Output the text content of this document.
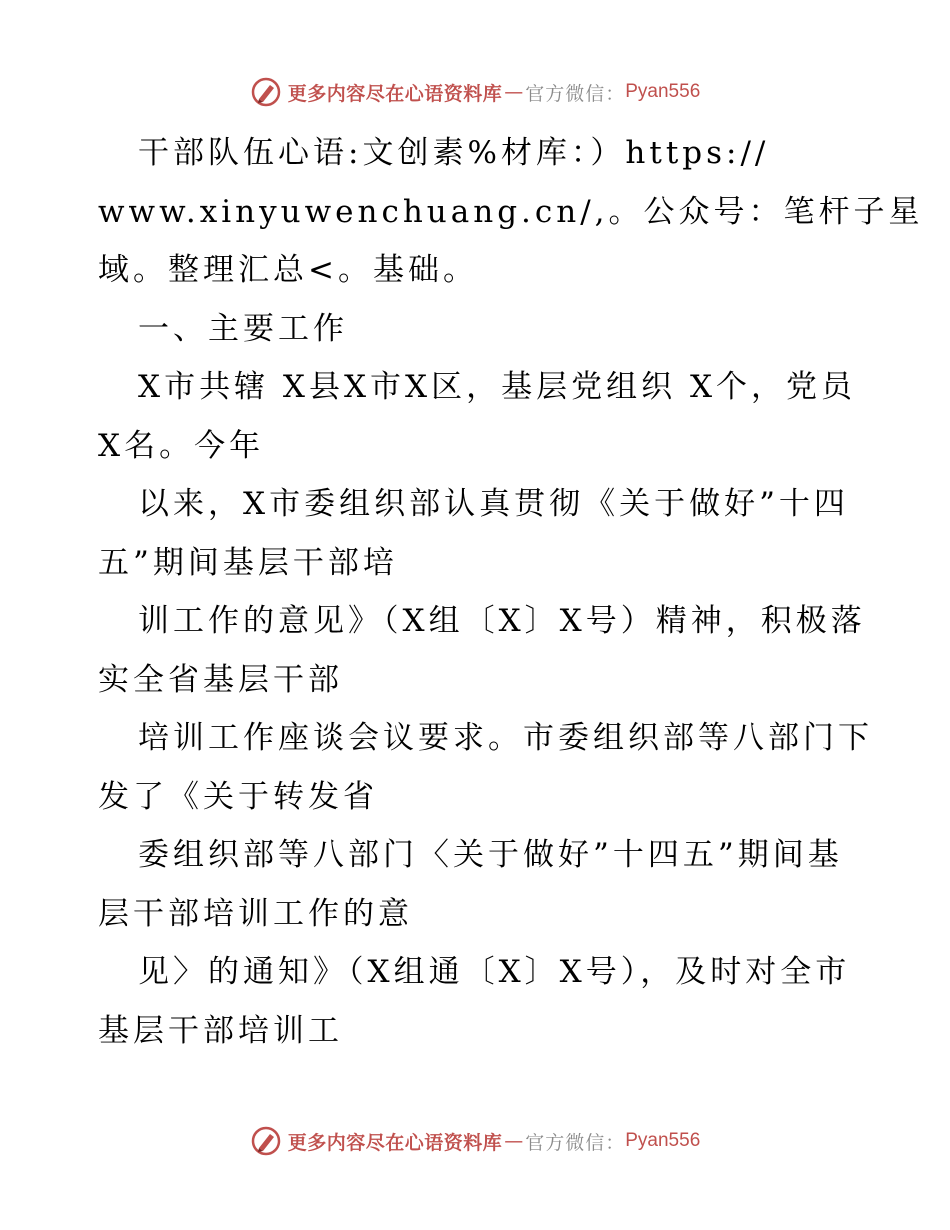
更多内容尽在心语资料库 — 官方微信： Pyan556
干部队伍心语:文创素%材库：）https://
www.xinyuwenchuang.cn/,。公众号：笔杆子星
域。整理汇总<。基础。
一、主要工作
X市共辖 X县X市X区，基层党组织 X个，党员
X名。今年
以来，X市委组织部认真贯彻《关于做好”十四
五”期间基层干部培
训工作的意见》（X组〔X〕X号）精神，积极落
实全省基层干部
培训工作座谈会议要求。市委组织部等八部门下
发了《关于转发省
委组织部等八部门〈关于做好”十四五”期间基
层干部培训工作的意
见〉的通知》（X组通〔X〕X号），及时对全市
基层干部培训工
更多内容尽在心语资料库 — 官方微信： Pyan556
